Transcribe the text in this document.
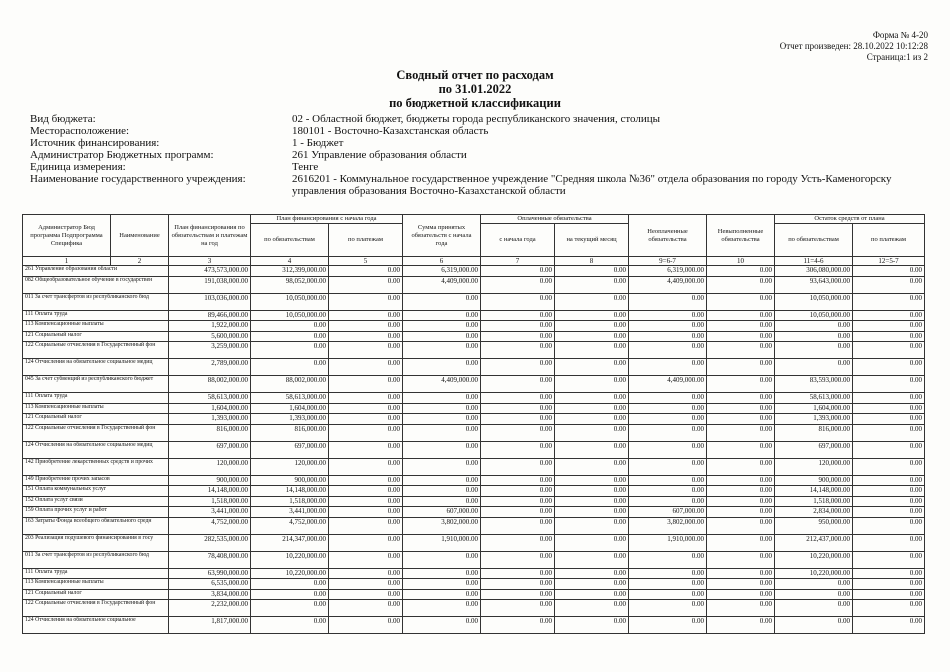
Форма № 4-20
Отчет произведен: 28.10.2022 10:12:28
Страница:1 из 2
Сводный отчет по расходам
по 31.01.2022
по бюджетной классификации
Вид бюджета:	02 - Областной бюджет, бюджеты города республиканского значения, столицы
Месторасположение:	180101 - Восточно-Казахстанская область
Источник финансирования:	1 - Бюджет
Администратор Бюджетных программ:	261 Управление образования области
Единица измерения:	Тенге
Наименование государственного учреждения:	2616201 - Коммунальное государственное учреждение "Средняя школа №36" отдела образования по городу Усть-Каменогорску управления образования Восточно-Казахстанской области
Администратор Бюд программа Подпрограмма Специфика	Наименование	План финансирования по обязательствам и платежам на год	План финансирования с начала года		Сумма принятых обязательств с начала года	Оплаченные обязательства		Неоплаченные обязательства	Невыполненные обязательства	Остаток средств от плана	
			по обязательствам	по платежам		с начала года	на текущий месяц			по обязательствам	по платежам
1	2	3	4	5	6	7	8	9=6-7	10	11=4-6	12=5-7
261 Управление образования области		473,573,000.00	312,399,000.00	0.00	6,319,000.00	0.00	0.00	6,319,000.00	0.00	306,080,000.00	0.00
082 Общеобразовательное обучение в государствен		191,038,000.00	98,052,000.00	0.00	4,409,000.00	0.00	0.00	4,409,000.00	0.00	93,643,000.00	0.00
011 За счет трансфертов из республиканского бюд		103,036,000.00	10,050,000.00	0.00	0.00	0.00	0.00	0.00	0.00	10,050,000.00	0.00
111 Оплата труда		89,466,000.00	10,050,000.00	0.00	0.00	0.00	0.00	0.00	0.00	10,050,000.00	0.00
113 Компенсационные выплаты		1,922,000.00	0.00	0.00	0.00	0.00	0.00	0.00	0.00	0.00	0.00
121 Социальный налог		5,600,000.00	0.00	0.00	0.00	0.00	0.00	0.00	0.00	0.00	0.00
122 Социальные отчисления в Государственный фон		3,259,000.00	0.00	0.00	0.00	0.00	0.00	0.00	0.00	0.00	0.00
124 Отчисления на обязательное социальное медиц		2,789,000.00	0.00	0.00	0.00	0.00	0.00	0.00	0.00	0.00	0.00
045 За счет субвенций из республиканского бюджет		88,002,000.00	88,002,000.00	0.00	4,409,000.00	0.00	0.00	4,409,000.00	0.00	83,593,000.00	0.00
111 Оплата труда		58,613,000.00	58,613,000.00	0.00	0.00	0.00	0.00	0.00	0.00	58,613,000.00	0.00
113 Компенсационные выплаты		1,604,000.00	1,604,000.00	0.00	0.00	0.00	0.00	0.00	0.00	1,604,000.00	0.00
121 Социальный налог		1,393,000.00	1,393,000.00	0.00	0.00	0.00	0.00	0.00	0.00	1,393,000.00	0.00
122 Социальные отчисления в Государственный фон		816,000.00	816,000.00	0.00	0.00	0.00	0.00	0.00	0.00	816,000.00	0.00
124 Отчисления на обязательное социальное медиц		697,000.00	697,000.00	0.00	0.00	0.00	0.00	0.00	0.00	697,000.00	0.00
142 Приобретение лекарственных средств и прочих		120,000.00	120,000.00	0.00	0.00	0.00	0.00	0.00	0.00	120,000.00	0.00
149 Приобретение прочих запасов		900,000.00	900,000.00	0.00	0.00	0.00	0.00	0.00	0.00	900,000.00	0.00
151 Оплата коммунальных услуг		14,148,000.00	14,148,000.00	0.00	0.00	0.00	0.00	0.00	0.00	14,148,000.00	0.00
152 Оплата услуг связи		1,518,000.00	1,518,000.00	0.00	0.00	0.00	0.00	0.00	0.00	1,518,000.00	0.00
159 Оплата прочих услуг и работ		3,441,000.00	3,441,000.00	0.00	607,000.00	0.00	0.00	607,000.00	0.00	2,834,000.00	0.00
163 Затраты Фонда всеобщего обязательного средн		4,752,000.00	4,752,000.00	0.00	3,802,000.00	0.00	0.00	3,802,000.00	0.00	950,000.00	0.00
203 Реализация подушевого финансирования в госу		282,535,000.00	214,347,000.00	0.00	1,910,000.00	0.00	0.00	1,910,000.00	0.00	212,437,000.00	0.00
011 За счет трансфертов из республиканского бюд		78,408,000.00	10,220,000.00	0.00	0.00	0.00	0.00	0.00	0.00	10,220,000.00	0.00
111 Оплата труда		63,990,000.00	10,220,000.00	0.00	0.00	0.00	0.00	0.00	0.00	10,220,000.00	0.00
113 Компенсационные выплаты		6,535,000.00	0.00	0.00	0.00	0.00	0.00	0.00	0.00	0.00	0.00
121 Социальный налог		3,834,000.00	0.00	0.00	0.00	0.00	0.00	0.00	0.00	0.00	0.00
122 Социальные отчисления в Государственный фон		2,232,000.00	0.00	0.00	0.00	0.00	0.00	0.00	0.00	0.00	0.00
124 Отчисления на обязательное социальное		1,817,000.00	0.00	0.00	0.00	0.00	0.00	0.00	0.00	0.00	0.00
